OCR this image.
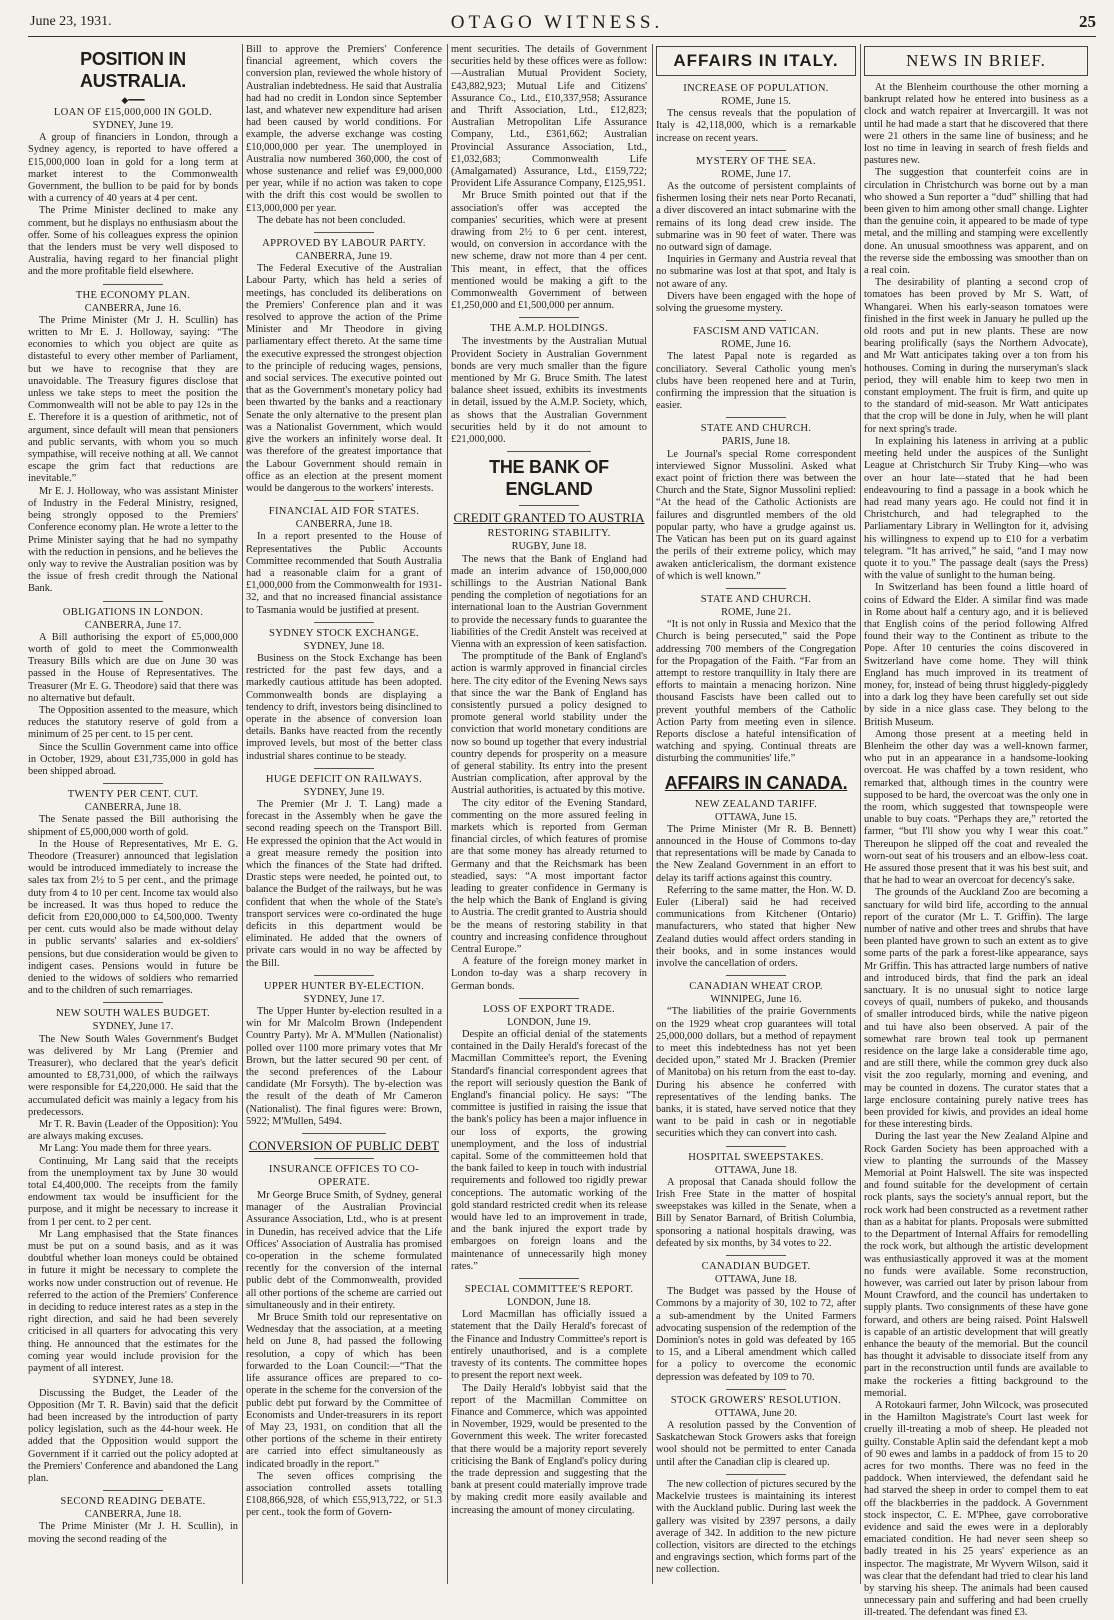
June 23, 1931.	OTAGO WITNESS.	25
POSITION IN AUSTRALIA.
◆━━━
LOAN OF £15,000,000 IN GOLD.

SYDNEY, June 19.

A group of financiers in London, through a Sydney agency, is reported to have offered a £15,000,000 loan in gold for a long term at market interest to the Commonwealth Government, the bullion to be paid for by bonds with a currency of 40 years at 4 per cent.

The Prime Minister declined to make any comment, but he displays no enthusiasm about the offer. Some of his colleagues express the opinion that the lenders must be very well disposed to Australia, having regard to her financial plight and the more profitable field elsewhere.

THE ECONOMY PLAN.

CANBERRA, June 16.

The Prime Minister (Mr J. H. Scullin) has written to Mr E. J. Holloway, saying: “The economies to which you object are quite as distasteful to every other member of Parliament, but we have to recognise that they are unavoidable. The Treasury figures disclose that unless we take steps to meet the position the Commonwealth will not be able to pay 12s in the £. Therefore it is a question of arithmetic, not of argument, since default will mean that pensioners and public servants, with whom you so much sympathise, will receive nothing at all. We cannot escape the grim fact that reductions are inevitable.”

Mr E. J. Holloway, who was assistant Minister of Industry in the Federal Ministry, resigned, being strongly opposed to the Premiers' Conference economy plan. He wrote a letter to the Prime Minister saying that he had no sympathy with the reduction in pensions, and he believes the only way to revive the Australian position was by the issue of fresh credit through the National Bank.

OBLIGATIONS IN LONDON.

CANBERRA, June 17.

A Bill authorising the export of £5,000,000 worth of gold to meet the Commonwealth Treasury Bills which are due on June 30 was passed in the House of Representatives. The Treasurer (Mr E. G. Theodore) said that there was no alternative but default.

The Opposition assented to the measure, which reduces the statutory reserve of gold from a minimum of 25 per cent. to 15 per cent.

Since the Scullin Government came into office in October, 1929, about £31,735,000 in gold has been shipped abroad.

TWENTY PER CENT. CUT.

CANBERRA, June 18.

The Senate passed the Bill authorising the shipment of £5,000,000 worth of gold.

In the House of Representatives, Mr E. G. Theodore (Treasurer) announced that legislation would be introduced immediately to increase the sales tax from 2½ to 5 per cent., and the primage duty from 4 to 10 per cent. Income tax would also be increased. It was thus hoped to reduce the deficit from £20,000,000 to £4,500,000. Twenty per cent. cuts would also be made without delay in public servants' salaries and ex-soldiers' pensions, but due consideration would be given to indigent cases. Pensions would in future be denied to the widows of soldiers who remarried and to the children of such remarriages.

NEW SOUTH WALES BUDGET.

SYDNEY, June 17.

The New South Wales Government's Budget was delivered by Mr Lang (Premier and Treasurer), who declared that the year's deficit amounted to £8,731,000, of which the railways were responsible for £4,220,000. He said that the accumulated deficit was mainly a legacy from his predecessors.

Mr T. R. Bavin (Leader of the Opposition): You are always making excuses.

Mr Lang: You made them for three years.

Continuing, Mr Lang said that the receipts from the unemployment tax by June 30 would total £4,400,000. The receipts from the family endowment tax would be insufficient for the purpose, and it might be necessary to increase it from 1 per cent. to 2 per cent.

Mr Lang emphasised that the State finances must be put on a sound basis, and as it was doubtful whether loan moneys could be obtained in future it might be necessary to complete the works now under construction out of revenue. He referred to the action of the Premiers' Conference in deciding to reduce interest rates as a step in the right direction, and said he had been severely criticised in all quarters for advocating this very thing. He announced that the estimates for the coming year would include provision for the payment of all interest.

SYDNEY, June 18.

Discussing the Budget, the Leader of the Opposition (Mr T. R. Bavin) said that the deficit had been increased by the introduction of party policy legislation, such as the 44-hour week. He added that the Opposition would support the Government if it carried out the policy adopted at the Premiers' Conference and abandoned the Lang plan.

SECOND READING DEBATE.

CANBERRA, June 18.

The Prime Minister (Mr J. H. Scullin), in moving the second reading of the

Bill to approve the Premiers' Conference financial agreement, which covers the conversion plan, reviewed the whole history of Australian indebtedness. He said that Australia had had no credit in London since September last, and whatever new expenditure had arisen had been caused by world conditions. For example, the adverse exchange was costing £10,000,000 per year. The unemployed in Australia now numbered 360,000, the cost of whose sustenance and relief was £9,000,000 per year, while if no action was taken to cope with the drift this cost would be swollen to £13,000,000 per year.

The debate has not been concluded.

APPROVED BY LABOUR PARTY.

CANBERRA, June 19.

The Federal Executive of the Australian Labour Party, which has held a series of meetings, has concluded its deliberations on the Premiers' Conference plan and it was resolved to approve the action of the Prime Minister and Mr Theodore in giving parliamentary effect thereto. At the same time the executive expressed the strongest objection to the principle of reducing wages, pensions, and social services. The executive pointed out that as the Government's monetary policy had been thwarted by the banks and a reactionary Senate the only alternative to the present plan was a Nationalist Government, which would give the workers an infinitely worse deal. It was therefore of the greatest importance that the Labour Government should remain in office as an election at the present moment would be dangerous to the workers' interests.

FINANCIAL AID FOR STATES.

CANBERRA, June 18.

In a report presented to the House of Representatives the Public Accounts Committee recommended that South Australia had a reasonable claim for a grant of £1,000,000 from the Commonwealth for 1931-32, and that no increased financial assistance to Tasmania would be justified at present.

SYDNEY STOCK EXCHANGE.

SYDNEY, June 18.

Business on the Stock Exchange has been restricted for the past few days, and a markedly cautious attitude has been adopted. Commonwealth bonds are displaying a tendency to drift, investors being disinclined to operate in the absence of conversion loan details. Banks have reacted from the recently improved levels, but most of the better class industrial shares continue to be steady.

HUGE DEFICIT ON RAILWAYS.

SYDNEY, June 19.

The Premier (Mr J. T. Lang) made a forecast in the Assembly when he gave the second reading speech on the Transport Bill. He expressed the opinion that the Act would in a great measure remedy the position into which the finances of the State had drifted. Drastic steps were needed, he pointed out, to balance the Budget of the railways, but he was confident that when the whole of the State's transport services were co-ordinated the huge deficits in this department would be eliminated. He added that the owners of private cars would in no way be affected by the Bill.

UPPER HUNTER BY-ELECTION.

SYDNEY, June 17.

The Upper Hunter by-election resulted in a win for Mr Malcolm Brown (Independent Country Party). Mr A. M'Mullen (Nationalist) polled over 1100 more primary votes that Mr Brown, but the latter secured 90 per cent. of the second preferences of the Labour candidate (Mr Forsyth). The by-election was the result of the death of Mr Cameron (Nationalist). The final figures were: Brown, 5922; M'Mullen, 5494.

CONVERSION OF PUBLIC DEBT
INSURANCE OFFICES TO CO-OPERATE.

Mr George Bruce Smith, of Sydney, general manager of the Australian Provincial Assurance Association, Ltd., who is at present in Dunedin, has received advice that the Life Offices' Association of Australia has promised co-operation in the scheme formulated recently for the conversion of the internal public debt of the Commonwealth, provided all other portions of the scheme are carried out simultaneously and in their entirety.

Mr Bruce Smith told our representative on Wednesday that the association, at a meeting held on June 8, had passed the following resolution, a copy of which has been forwarded to the Loan Council:—“That the life assurance offices are prepared to co-operate in the scheme for the conversion of the public debt put forward by the Committee of Economists and Under-treasurers in its report of May 23, 1931, on condition that all the other portions of the scheme in their entirety are carried into effect simultaneously as indicated broadly in the report.”

The seven offices comprising the association controlled assets totalling £108,866,928, of which £55,913,722, or 51.3 per cent., took the form of Govern-

ment securities. The details of Government securities held by these offices were as follow:—Australian Mutual Provident Society, £43,882,923; Mutual Life and Citizens' Assurance Co., Ltd., £10,337,958; Assurance and Thrift Association, Ltd., £12,823; Australian Metropolitan Life Assurance Company, Ltd., £361,662; Australian Provincial Assurance Association, Ltd., £1,032,683; Commonwealth Life (Amalgamated) Assurance, Ltd., £159,722; Provident Life Assurance Company, £125,951.

Mr Bruce Smith pointed out that if the association's offer was accepted the companies' securities, which were at present drawing from 2½ to 6 per cent. interest, would, on conversion in accordance with the new scheme, draw not more than 4 per cent. This meant, in effect, that the offices mentioned would be making a gift to the Commonwealth Government of between £1,250,000 and £1,500,000 per annum.

THE A.M.P. HOLDINGS.

The investments by the Australian Mutual Provident Society in Australian Government bonds are very much smaller than the figure mentioned by Mr G. Bruce Smith. The latest balance sheet issued, exhibits its investments in detail, issued by the A.M.P. Society, which, as shows that the Australian Government securities held by it do not amount to £21,000,000.

THE BANK OF ENGLAND
CREDIT GRANTED TO AUSTRIA
RESTORING STABILITY.

RUGBY, June 18.

The news that the Bank of England had made an interim advance of 150,000,000 schillings to the Austrian National Bank pending the completion of negotiations for an international loan to the Austrian Government to provide the necessary funds to guarantee the liabilities of the Credit Anstelt was received at Vienna with an expression of keen satisfaction.

The promptitude of the Bank of England's action is warmly approved in financial circles here. The city editor of the Evening News says that since the war the Bank of England has consistently pursued a policy designed to promote general world stability under the conviction that world monetary conditions are now so bound up together that every industrial country depends for prosperity on a measure of general stability. Its entry into the present Austrian complication, after approval by the Austrial authorities, is actuated by this motive.

The city editor of the Evening Standard, commenting on the more assured feeling in markets which is reported from German financial circles, of which features of promise are that some money has already returned to Germany and that the Reichsmark has been steadied, says: “A most important factor leading to greater confidence in Germany is the help which the Bank of England is giving to Austria. The credit granted to Austria should be the means of restoring stability in that country and increasing confidence throughout Central Europe.”

A feature of the foreign money market in London to-day was a sharp recovery in German bonds.

LOSS OF EXPORT TRADE.

LONDON, June 19.

Despite an official denial of the statements contained in the Daily Herald's forecast of the Macmillan Committee's report, the Evening Standard's financial correspondent agrees that the report will seriously question the Bank of England's financial policy. He says: “The committee is justified in raising the issue that the bank's policy has been a major influence in our loss of exports, the growing unemployment, and the loss of industrial capital. Some of the committeemen hold that the bank failed to keep in touch with industrial requirements and followed too rigidly prewar conceptions. The automatic working of the gold standard restricted credit when its release would have led to an improvement in trade, and the bank injured the export trade by embargoes on foreign loans and the maintenance of unnecessarily high money rates.”

SPECIAL COMMITTEE'S REPORT.

LONDON, June 18.

Lord Macmillan has officially issued a statement that the Daily Herald's forecast of the Finance and Industry Committee's report is entirely unauthorised, and is a complete travesty of its contents. The committee hopes to present the report next week.

The Daily Herald's lobbyist said that the report of the Macmillan Committee on Finance and Commerce, which was appointed in November, 1929, would be presented to the Government this week. The writer forecasted that there would be a majority report severely criticising the Bank of England's policy during the trade depression and suggesting that the bank at present could materially improve trade by making credit more easily available and increasing the amount of money circulating.

AFFAIRS IN ITALY.
INCREASE OF POPULATION.

ROME, June 15.

The census reveals that the population of Italy is 42,118,000, which is a remarkable increase on recent years.

MYSTERY OF THE SEA.

ROME, June 17.

As the outcome of persistent complaints of fishermen losing their nets near Porto Recanati, a diver discovered an intact submarine with the remains of its long dead crew inside. The submarine was in 90 feet of water. There was no outward sign of damage.

Inquiries in Germany and Austria reveal that no submarine was lost at that spot, and Italy is not aware of any.

Divers have been engaged with the hope of solving the gruesome mystery.

FASCISM AND VATICAN.

ROME, June 16.

The latest Papal note is regarded as conciliatory. Several Catholic young men's clubs have been reopened here and at Turin, confirming the impression that the situation is easier.

STATE AND CHURCH.

PARIS, June 18.

Le Journal's special Rome correspondent interviewed Signor Mussolini. Asked what exact point of friction there was between the Church and the State, Signor Mussolini replied: “At the head of the Catholic Actionists are failures and disgruntled members of the old popular party, who have a grudge against us. The Vatican has been put on its guard against the perils of their extreme policy, which may awaken anticlericalism, the dormant existence of which is well known.”

STATE AND CHURCH.

ROME, June 21.

“It is not only in Russia and Mexico that the Church is being persecuted,” said the Pope addressing 700 members of the Congregation for the Propagation of the Faith. “Far from an attempt to restore tranquillity in Italy there are efforts to maintain a menacing horizon. Nine thousand Fascists have been called out to prevent youthful members of the Catholic Action Party from meeting even in silence. Reports disclose a hateful intensification of watching and spying. Continual threats are disturbing the communities' life.”

AFFAIRS IN CANADA.
NEW ZEALAND TARIFF.

OTTAWA, June 15.

The Prime Minister (Mr R. B. Bennett) announced in the House of Commons to-day that representations will be made by Canada to the New Zealand Government in an effort to delay its tariff actions against this country.

Referring to the same matter, the Hon. W. D. Euler (Liberal) said he had received communications from Kitchener (Ontario) manufacturers, who stated that higher New Zealand duties would affect orders standing in their books, and in some instances would involve the cancellation of orders.

CANADIAN WHEAT CROP.

WINNIPEG, June 16.

“The liabilities of the prairie Governments on the 1929 wheat crop guarantees will total 25,000,000 dollars, but a method of repayment to meet this indebtedness has not yet been decided upon,” stated Mr J. Bracken (Premier of Manitoba) on his return from the east to-day. During his absence he conferred with representatives of the lending banks. The banks, it is stated, have served notice that they want to be paid in cash or in negotiable securities which they can convert into cash.

HOSPITAL SWEEPSTAKES.

OTTAWA, June 18.

A proposal that Canada should follow the Irish Free State in the matter of hospital sweepstakes was killed in the Senate, when a Bill by Senator Barnard, of British Columbia, sponsoring a national hospitals drawing, was defeated by six months, by 34 votes to 22.

CANADIAN BUDGET.

OTTAWA, June 18.

The Budget was passed by the House of Commons by a majority of 30, 102 to 72, after a sub-amendment by the United Farmers advocating suspension of the redemption of the Dominion's notes in gold was defeated by 165 to 15, and a Liberal amendment which called for a policy to overcome the economic depression was defeated by 109 to 70.

STOCK GROWERS' RESOLUTION.

OTTAWA, June 20.

A resolution passed by the Convention of Saskatchewan Stock Growers asks that foreign wool should not be permitted to enter Canada until after the Canadian clip is cleared up.

The new collection of pictures secured by the Mackelvie trustees is maintaining its interest with the Auckland public. During last week the gallery was visited by 2397 persons, a daily average of 342. In addition to the new picture collection, visitors are directed to the etchings and engravings section, which forms part of the new collection.

NEWS IN BRIEF.

At the Blenheim courthouse the other morning a bankrupt related how he entered into business as a clock and watch repairer at Invercargill. It was not until he had made a start that he discovered that there were 21 others in the same line of business; and he lost no time in leaving in search of fresh fields and pastures new.

The suggestion that counterfeit coins are in circulation in Christchurch was borne out by a man who showed a Sun reporter a “dud” shilling that had been given to him among other small change. Lighter than the genuine coin, it appeared to be made of type metal, and the milling and stamping were excellently done. An unusual smoothness was apparent, and on the reverse side the embossing was smoother than on a real coin.

The desirability of planting a second crop of tomatoes has been proved by Mr S. Watt, of Whangarei. When his early-season tomatoes were finished in the first week in January he pulled up the old roots and put in new plants. These are now bearing prolifically (says the Northern Advocate), and Mr Watt anticipates taking over a ton from his hothouses. Coming in during the nurseryman's slack period, they will enable him to keep two men in constant employment. The fruit is firm, and quite up to the standard of mid-season. Mr Watt anticipates that the crop will be done in July, when he will plant for next spring's trade.

In explaining his lateness in arriving at a public meeting held under the auspices of the Sunlight League at Christchurch Sir Truby King—who was over an hour late—stated that he had been endeavouring to find a passage in a book which he had read many years ago. He could not find it in Christchurch, and had telegraphed to the Parliamentary Library in Wellington for it, advising his willingness to expend up to £10 for a verbatim telegram. “It has arrived,” he said, “and I may now quote it to you.” The passage dealt (says the Press) with the value of sunlight to the human being.

In Switzerland has been found a little hoard of coins of Edward the Elder. A similar find was made in Rome about half a century ago, and it is believed that English coins of the period following Alfred found their way to the Continent as tribute to the Pope. After 10 centuries the coins discovered in Switzerland have come home. They will think England has much improved in its treatment of money, for, instead of being thrust higgledy-piggledy into a dark log they have been carefully set out side by side in a nice glass case. They belong to the British Museum.

Among those present at a meeting held in Blenheim the other day was a well-known farmer, who put in an appearance in a handsome-looking overcoat. He was chaffed by a town resident, who remarked that, although times in the country were supposed to be hard, the overcoat was the only one in the room, which suggested that townspeople were unable to buy coats. “Perhaps they are,” retorted the farmer, “but I'll show you why I wear this coat.” Thereupon he slipped off the coat and revealed the worn-out seat of his trousers and an elbow-less coat. He assured those present that it was his best suit, and that he had to wear an overcoat for decency's sake.

The grounds of the Auckland Zoo are becoming a sanctuary for wild bird life, according to the annual report of the curator (Mr L. T. Griffin). The large number of native and other trees and shrubs that have been planted have grown to such an extent as to give some parts of the park a forest-like appearance, says Mr Griffin. This has attracted large numbers of native and introduced birds, that find the park an ideal sanctuary. It is no unusual sight to notice large coveys of quail, numbers of pukeko, and thousands of smaller introduced birds, while the native pigeon and tui have also been observed. A pair of the somewhat rare brown teal took up permanent residence on the large lake a considerable time ago, and are still there, while the common grey duck also visit the zoo regularly, morning and evening, and may be counted in dozens. The curator states that a large enclosure containing purely native trees has been provided for kiwis, and provides an ideal home for these interesting birds.

During the last year the New Zealand Alpine and Rock Garden Society has been approached with a view to planting the surrounds of the Massey Memorial at Point Halswell. The site was inspected and found suitable for the development of certain rock plants, says the society's annual report, but the rock work had been constructed as a revetment rather than as a habitat for plants. Proposals were submitted to the Department of Internal Affairs for remodelling the rock work, but although the artistic development was enthusiastically approved it was at the moment no funds were available. Some reconstruction, however, was carried out later by prison labour from Mount Crawford, and the council has undertaken to supply plants. Two consignments of these have gone forward, and others are being raised. Point Halswell is capable of an artistic development that will greatly enhance the beauty of the memorial. But the council has thought it advisable to dissociate itself from any part in the reconstruction until funds are available to make the rockeries a fitting background to the memorial.

A Rotokauri farmer, John Wilcock, was prosecuted in the Hamilton Magistrate's Court last week for cruelly ill-treating a mob of sheep. He pleaded not guilty. Constable Aplin said the defendant kept a mob of 90 ewes and lambs in a paddock of from 15 to 20 acres for two months. There was no feed in the paddock. When interviewed, the defendant said he had starved the sheep in order to compel them to eat off the blackberries in the paddock. A Government stock inspector, C. E. M'Phee, gave corroborative evidence and said the ewes were in a deplorably emaciated condition. He had never seen sheep so badly treated in his 25 years' experience as an inspector. The magistrate, Mr Wyvern Wilson, said it was clear that the defendant had tried to clear his land by starving his sheep. The animals had been caused unnecessary pain and suffering and had been cruelly ill-treated. The defendant was fined £3.
